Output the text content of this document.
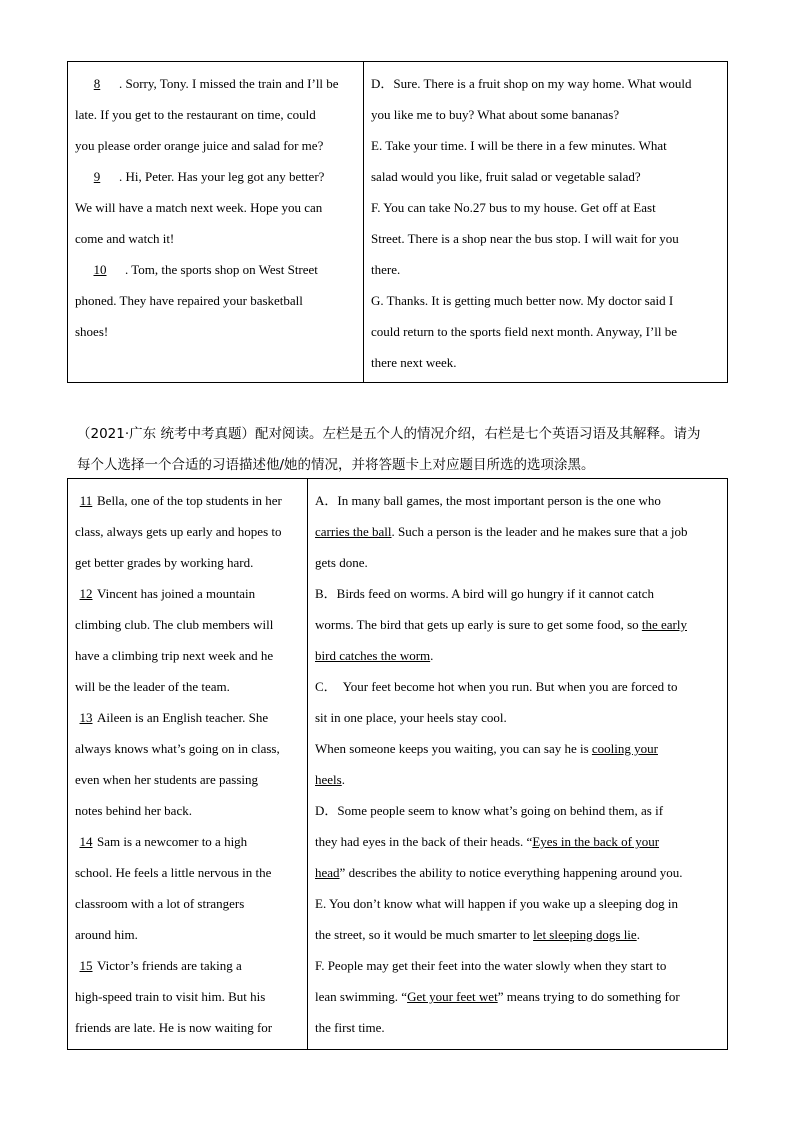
8 . Sorry, Tony. I missed the train and I’ll be
late. If you get to the restaurant on time, could
you please order orange juice and salad for me?
9 . Hi, Peter. Has your leg got any better?
We will have a match next week. Hope you can
come and watch it!
10 . Tom, the sports shop on West Street
phoned. They have repaired your basketball
shoes!

D．Sure. There is a fruit shop on my way home. What would
you like me to buy? What about some bananas?
E. Take your time. I will be there in a few minutes. What
salad would you like, fruit salad or vegetable salad?
F. You can take No.27 bus to my house. Get off at East
Street. There is a shop near the bus stop. I will wait for you
there.
G. Thanks. It is getting much better now. My doctor said I
could return to the sports field next month. Anyway, I’ll be
there next week.
（2021·广东 统考中考真题）配对阅读。左栏是五个人的情况介绍，右栏是七个英语习语及其解释。请为
每个人选择一个合适的习语描述他/她的情况，并将答题卡上对应题目所选的选项涂黑。
11 Bella, one of the top students in her
class, always gets up early and hopes to
get better grades by working hard.
12 Vincent has joined a mountain
climbing club. The club members will
have a climbing trip next week and he
will be the leader of the team.
13 Aileen is an English teacher. She
always knows what’s going on in class,
even when her students are passing
notes behind her back.
14 Sam is a newcomer to a high
school. He feels a little nervous in the
classroom with a lot of strangers
around him.
15 Victor’s friends are taking a
high-speed train to visit him. But his
friends are late. He is now waiting for

A．In many ball games, the most important person is the one who
carries the ball. Such a person is the leader and he makes sure that a job
gets done.
B．Birds feed on worms. A bird will go hungry if it cannot catch
worms. The bird that gets up early is sure to get some food, so the early
bird catches the worm.
C．  Your feet become hot when you run. But when you are forced to
sit in one place, your heels stay cool.
When someone keeps you waiting, you can say he is cooling your
heels.
D．Some people seem to know what’s going on behind them, as if
they had eyes in the back of their heads. “Eyes in the back of your
head” describes the ability to notice everything happening around you.
E. You don’t know what will happen if you wake up a sleeping dog in
the street, so it would be much smarter to let sleeping dogs lie.
F. People may get their feet into the water slowly when they start to
lean swimming. “Get your feet wet” means trying to do something for
the first time.
